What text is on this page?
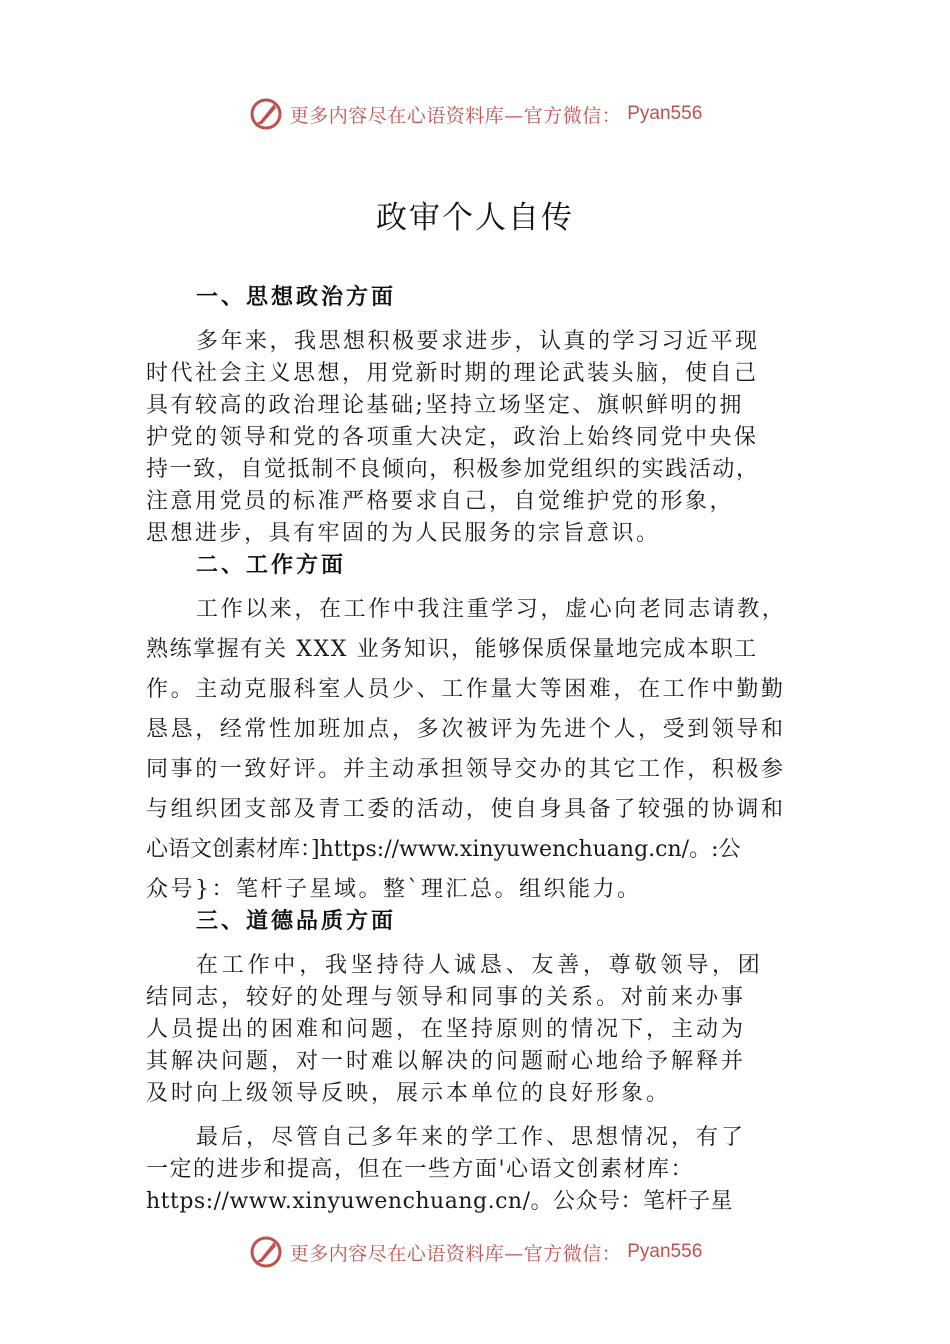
更多内容尽在心语资料库—官方微信： Pyan556
政审个人自传
一、思想政治方面
多年来，我思想积极要求进步，认真的学习习近平现
时代社会主义思想，用党新时期的理论武装头脑，使自己
具有较高的政治理论基础;坚持立场坚定、旗帜鲜明的拥
护党的领导和党的各项重大决定，政治上始终同党中央保
持一致，自觉抵制不良倾向，积极参加党组织的实践活动，
注意用党员的标准严格要求自己，自觉维护党的形象，
思想进步，具有牢固的为人民服务的宗旨意识。
二、工作方面
工作以来，在工作中我注重学习，虚心向老同志请教，
熟练掌握有关 XXX 业务知识，能够保质保量地完成本职工
作。主动克服科室人员少、工作量大等困难，在工作中勤勤
恳恳，经常性加班加点，多次被评为先进个人，受到领导和
同事的一致好评。并主动承担领导交办的其它工作，积极参
与组织团支部及青工委的活动，使自身具备了较强的协调和
心语文创素材库：]https://www.xinyuwenchuang.cn/。:公
众号}：笔杆子星域。整`理汇总。组织能力。
三、道德品质方面
在工作中，我坚持待人诚恳、友善，尊敬领导，团
结同志，较好的处理与领导和同事的关系。对前来办事
人员提出的困难和问题，在坚持原则的情况下，主动为
其解决问题，对一时难以解决的问题耐心地给予解释并
及时向上级领导反映，展示本单位的良好形象。
最后，尽管自己多年来的学工作、思想情况，有了
一定的进步和提高，但在一些方面'心语文创素材库：
https://www.xinyuwenchuang.cn/。公众号：笔杆子星
更多内容尽在心语资料库—官方微信： Pyan556
